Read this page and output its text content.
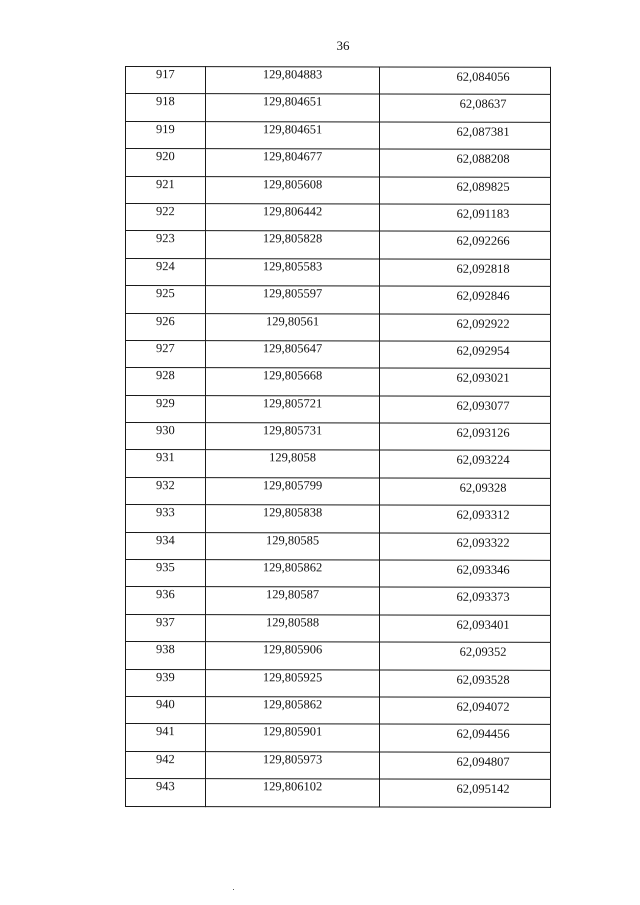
36
917	129,804883	62,084056
918	129,804651	62,08637
919	129,804651	62,087381
920	129,804677	62,088208
921	129,805608	62,089825
922	129,806442	62,091183
923	129,805828	62,092266
924	129,805583	62,092818
925	129,805597	62,092846
926	129,80561	62,092922
927	129,805647	62,092954
928	129,805668	62,093021
929	129,805721	62,093077
930	129,805731	62,093126
931	129,8058	62,093224
932	129,805799	62,09328
933	129,805838	62,093312
934	129,80585	62,093322
935	129,805862	62,093346
936	129,80587	62,093373
937	129,80588	62,093401
938	129,805906	62,09352
939	129,805925	62,093528
940	129,805862	62,094072
941	129,805901	62,094456
942	129,805973	62,094807
943	129,806102	62,095142
